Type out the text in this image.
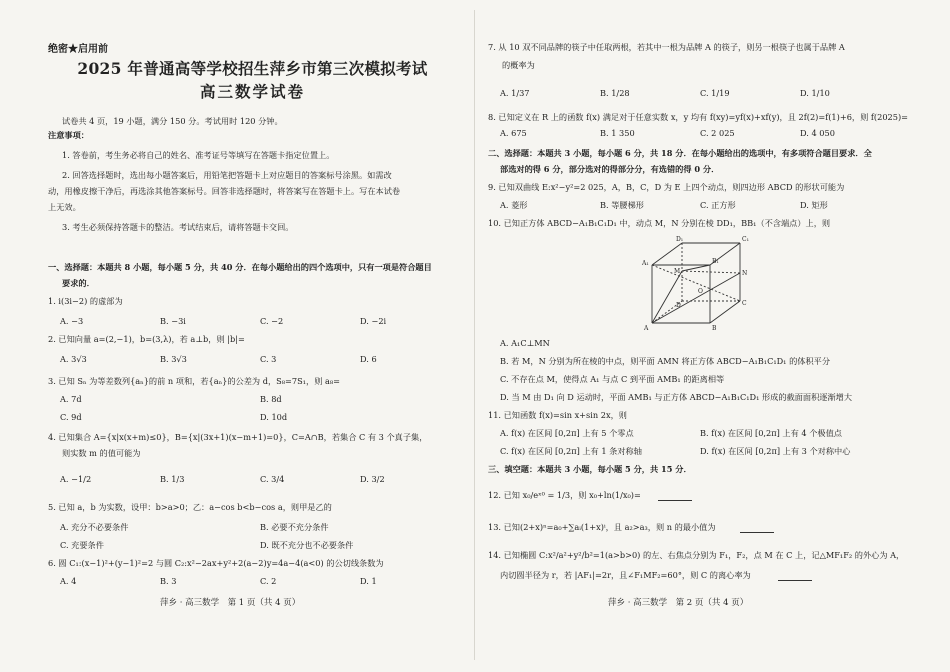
绝密★启用前
2025 年普通高等学校招生萍乡市第三次模拟考试
高三数学试卷
试卷共 4 页，19 小题，满分 150 分。考试用时 120 分钟。
注意事项：
1. 答卷前，考生务必将自己的姓名、准考证号等填写在答题卡指定位置上。
2. 回答选择题时，选出每小题答案后，用铅笔把答题卡上对应题目的答案标号涂黑。如需改
动，用橡皮擦干净后，再选涂其他答案标号。回答非选择题时，将答案写在答题卡上。写在本试卷
上无效。
3. 考生必须保持答题卡的整洁。考试结束后，请将答题卡交回。
一、选择题：本题共 8 小题，每小题 5 分，共 40 分．在每小题给出的四个选项中，只有一项是符合题目
要求的．
1. i(3i−2) 的虚部为
A. −3	B. −3i	C. −2	D. −2i
2. 已知向量 a=(2,−1)，b=(3,λ)，若 a⊥b，则 |b|=
A. 3√3	B. 3√3	C. 3	D. 6
3. 已知 Sₙ 为等差数列{aₙ}的前 n 项和，若{aₙ}的公差为 d，S₈=7S₁，则 a₈=
A. 7d	B. 8d
C. 9d	D. 10d
4. 已知集合 A={x|x(x+m)≤0}，B={x|(3x+1)(x−m+1)=0}，C=A∩B，若集合 C 有 3 个真子集，
则实数 m 的值可能为
A. −1/2	B. 1/3	C. 3/4	D. 3/2
5. 已知 a，b 为实数，设甲：b>a>0；乙：a−cos b<b−cos a，则甲是乙的
A. 充分不必要条件	B. 必要不充分条件
C. 充要条件	D. 既不充分也不必要条件
6. 圆 C₁:(x−1)²+(y−1)²=2 与圆 C₂:x²−2ax+y²+2(a−2)y=4a−4(a<0) 的公切线条数为
A. 4	B. 3	C. 2	D. 1
萍乡 · 高三数学　第 1 页（共 4 页）
7. 从 10 双不同品牌的筷子中任取两根，若其中一根为品牌 A 的筷子，则另一根筷子也属于品牌 A
的概率为
A. 1/37	B. 1/28	C. 1/19	D. 1/10
8. 已知定义在 R 上的函数 f(x) 满足对于任意实数 x，y 均有 f(xy)=yf(x)+xf(y)，且 2f(2)=f(1)+6，则 f(2025)=
A. 675	B. 1 350	C. 2 025	D. 4 050
二、选择题：本题共 3 小题，每小题 6 分，共 18 分．在每小题给出的选项中，有多项符合题目要求．全
部选对的得 6 分，部分选对的得部分分，有选错的得 0 分．
9. 已知双曲线 E:x²−y²=2 025，A，B，C，D 为 E 上四个动点，则四边形 ABCD 的形状可能为
A. 菱形	B. 等腰梯形	C. 正方形	D. 矩形
10. 已知正方体 ABCD−A₁B₁C₁D₁ 中，动点 M，N 分别在棱 DD₁，BB₁（不含端点）上，则
A. A₁C⊥MN
B. 若 M，N 分别为所在棱的中点，则平面 AMN 将正方体 ABCD−A₁B₁C₁D₁ 的体积平分
C. 不存在点 M，使得点 A₁ 与点 C 到平面 AMB₁ 的距离相等
D. 当 M 由 D₁ 向 D 运动时，平面 AMB₁ 与正方体 ABCD−A₁B₁C₁D₁ 形成的截面面积逐渐增大
11. 已知函数 f(x)=sin x+sin 2x，则
A. f(x) 在区间 [0,2π] 上有 5 个零点	B. f(x) 在区间 [0,2π] 上有 4 个极值点
C. f(x) 在区间 [0,2π] 上有 1 条对称轴	D. f(x) 在区间 [0,2π] 上有 3 个对称中心
三、填空题：本题共 3 小题，每小题 5 分，共 15 分．
12. 已知 x₀/eˣ⁰ = 1/3，则 x₀+ln(1/x₀)=
13. 已知(2+x)ⁿ=a₀+∑aᵢ(1+x)ⁱ，且 a₂>a₃，则 n 的最小值为
14. 已知椭圆 C:x²/a²+y²/b²=1(a>b>0) 的左、右焦点分别为 F₁，F₂，点 M 在 C 上，记△MF₁F₂ 的外心为 A，
内切圆半径为 r，若 |AF₁|=2r，且∠F₁MF₂=60°，则 C 的离心率为
萍乡 · 高三数学　第 2 页（共 4 页）
D₁	C₁
A₁	B₁
M	N
O
D	C
A	B
